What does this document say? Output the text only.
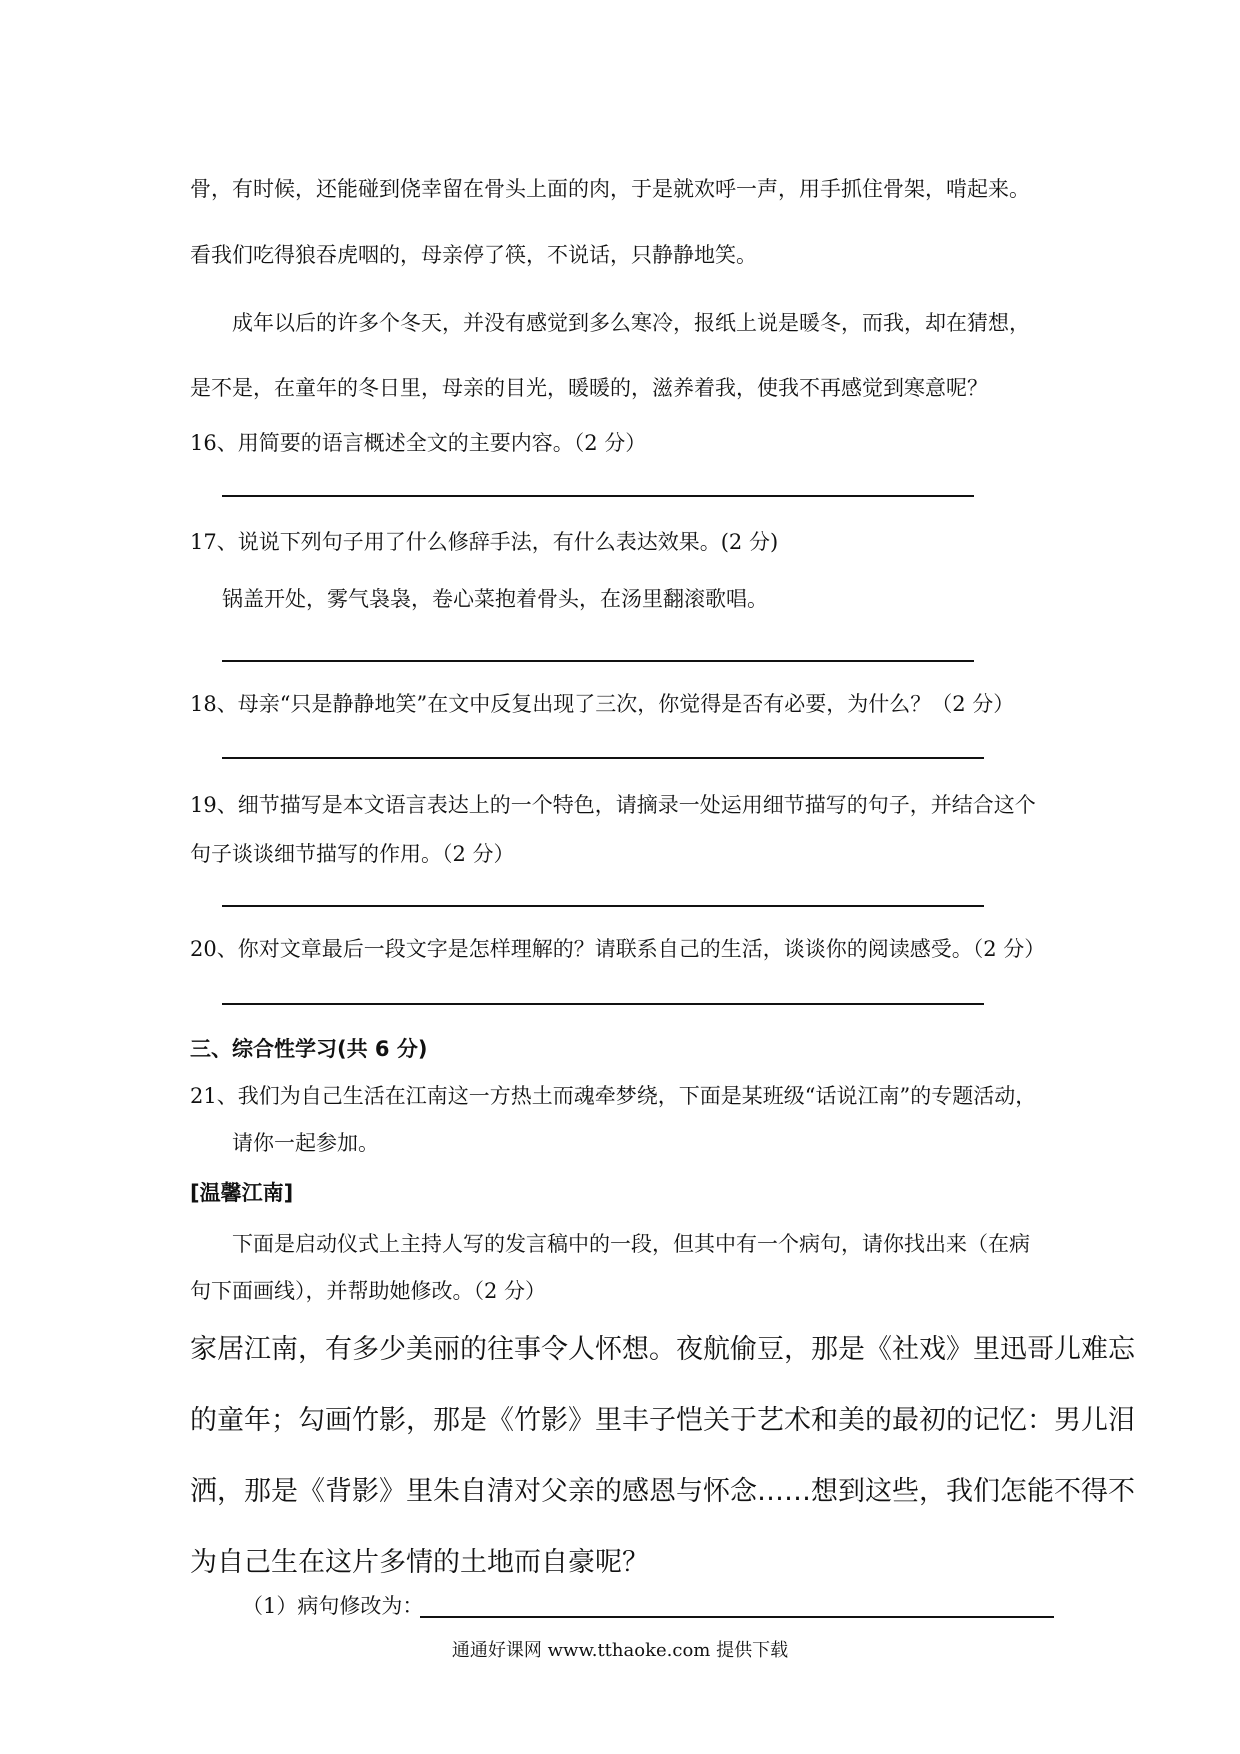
骨，有时候，还能碰到侥幸留在骨头上面的肉，于是就欢呼一声，用手抓住骨架，啃起来。
看我们吃得狼吞虎咽的，母亲停了筷，不说话，只静静地笑。
成年以后的许多个冬天，并没有感觉到多么寒冷，报纸上说是暖冬，而我，却在猜想，
是不是，在童年的冬日里，母亲的目光，暖暖的，滋养着我，使我不再感觉到寒意呢？
16、用简要的语言概述全文的主要内容。（2 分）
17、说说下列句子用了什么修辞手法，有什么表达效果。(2 分)
锅盖开处，雾气袅袅，卷心菜抱着骨头，在汤里翻滚歌唱。
18、母亲“只是静静地笑”在文中反复出现了三次，你觉得是否有必要，为什么？（2 分）
19、细节描写是本文语言表达上的一个特色，请摘录一处运用细节描写的句子，并结合这个
句子谈谈细节描写的作用。（2 分）
20、你对文章最后一段文字是怎样理解的？请联系自己的生活，谈谈你的阅读感受。（2 分）
三、综合性学习(共 6 分)
21、我们为自己生活在江南这一方热土而魂牵梦绕，下面是某班级“话说江南”的专题活动，
请你一起参加。
[温馨江南]
下面是启动仪式上主持人写的发言稿中的一段，但其中有一个病句，请你找出来（在病
句下面画线），并帮助她修改。（2 分）
家居江南，有多少美丽的往事令人怀想。夜航偷豆，那是《社戏》里迅哥儿难忘
的童年；勾画竹影，那是《竹影》里丰子恺关于艺术和美的最初的记忆：男儿泪
洒，那是《背影》里朱自清对父亲的感恩与怀念……想到这些，我们怎能不得不
为自己生在这片多情的土地而自豪呢？
（1）病句修改为：
通通好课网 www.tthaoke.com 提供下载
